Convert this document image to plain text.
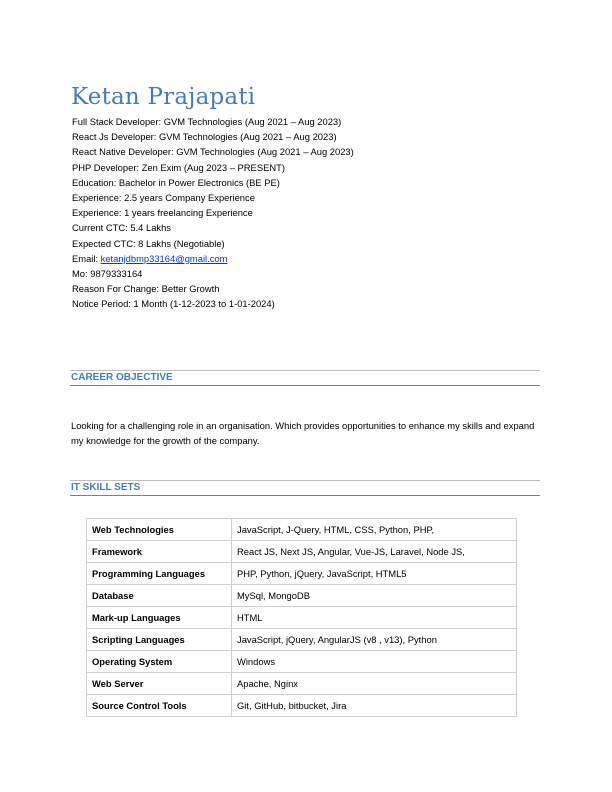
Ketan Prajapati
Full Stack Developer: GVM Technologies (Aug 2021 – Aug 2023)
React Js Developer: GVM Technologies (Aug 2021 – Aug 2023)
React Native Developer: GVM Technologies (Aug 2021 – Aug 2023)
PHP Developer: Zen Exim (Aug 2023 – PRESENT)
Education: Bachelor in Power Electronics (BE PE)
Experience: 2.5 years Company Experience
Experience: 1 years freelancing Experience
Current CTC: 5.4 Lakhs
Expected CTC: 8 Lakhs (Negotiable)
Email: ketanjdbmp33164@gmail.com
Mo: 9879333164
Reason For Change: Better Growth
Notice Period: 1 Month (1-12-2023 to 1-01-2024)
CAREER OBJECTIVE

Looking for a challenging role in an organisation. Which provides opportunities to enhance my skills and expand my knowledge for the growth of the company.

IT SKILL SETS
Web Technologies	JavaScript, J-Query, HTML, CSS, Python, PHP,
Framework	React JS, Next JS, Angular, Vue-JS, Laravel, Node JS,
Programming Languages	PHP, Python, jQuery, JavaScript, HTML5
Database	MySql, MongoDB
Mark-up Languages	HTML
Scripting Languages	JavaScript, jQuery, AngularJS (v8 , v13), Python
Operating System	Windows
Web Server	Apache, Nginx
Source Control Tools	Git, GitHub, bitbucket, Jira
